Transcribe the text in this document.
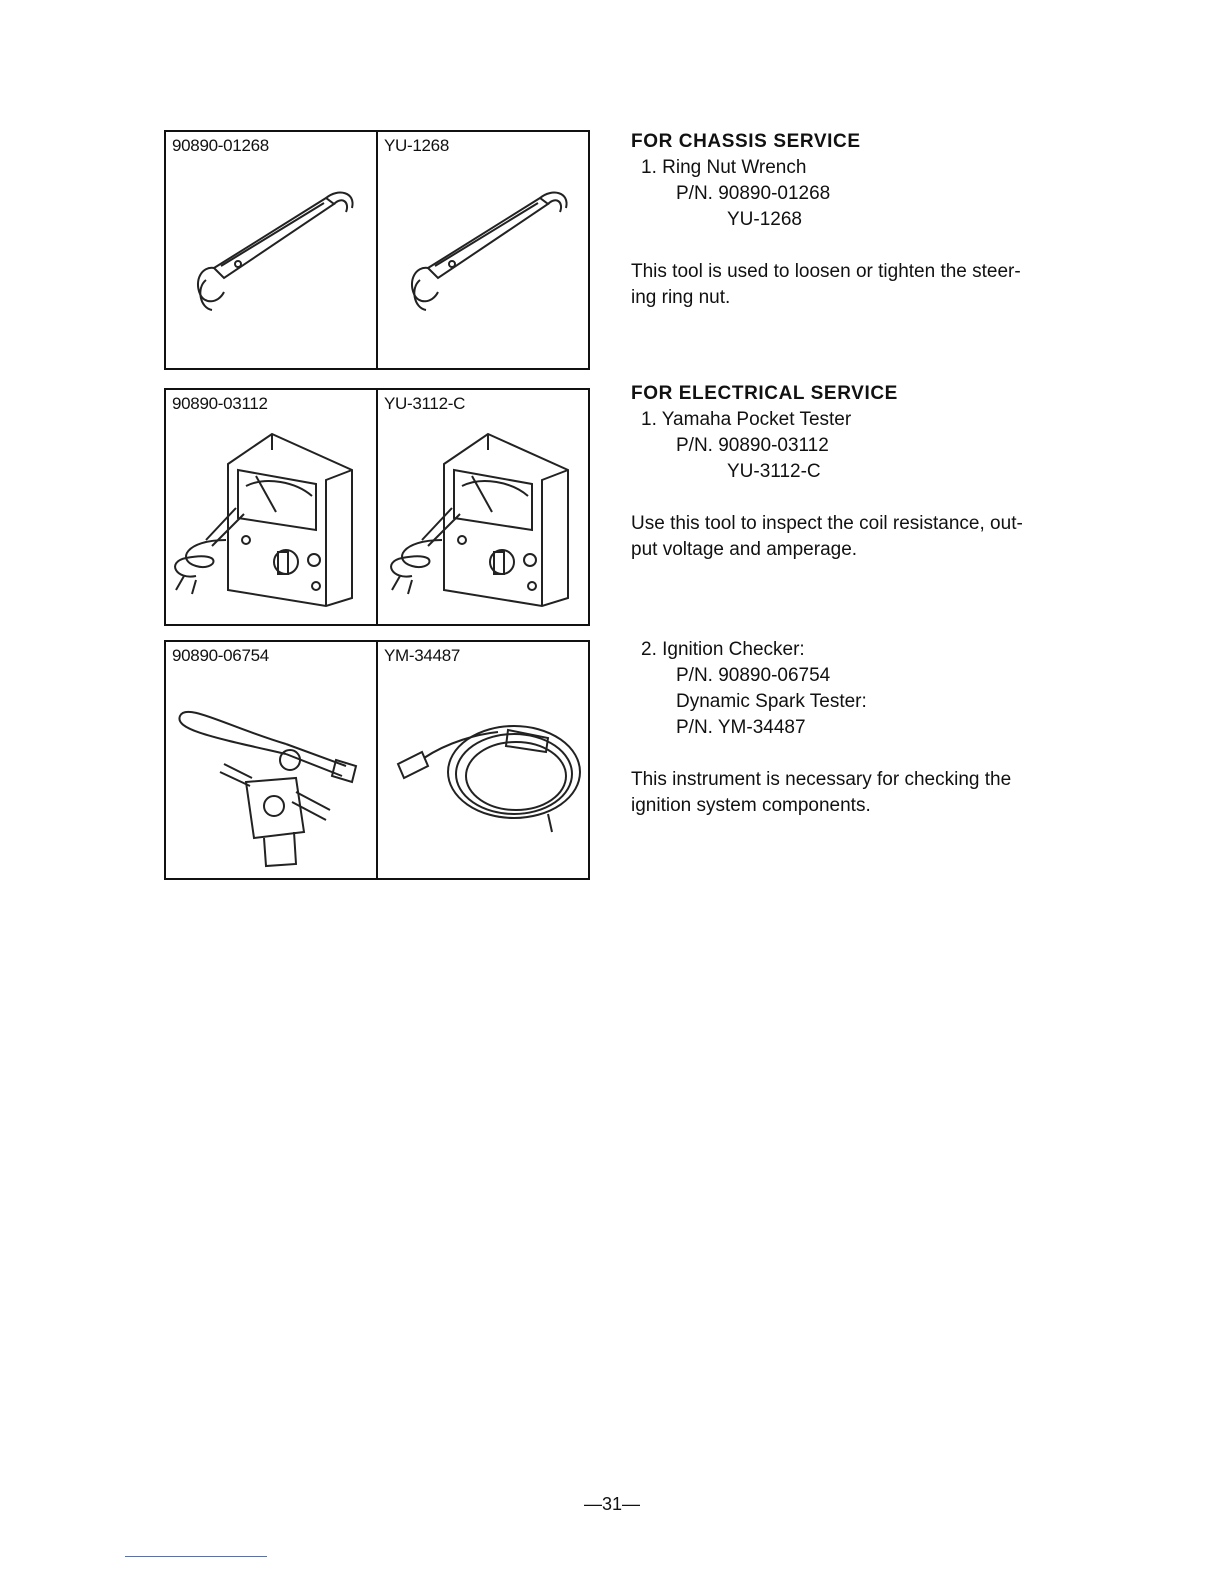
90890-01268	YU-1268
90890-03112	YU-3112-C
90890-06754	YM-34487
FOR CHASSIS SERVICE
1. Ring Nut Wrench
P/N. 90890-01268
YU-1268
This tool is used to loosen or tighten the steer-
ing ring nut.
FOR ELECTRICAL SERVICE
1. Yamaha Pocket Tester
P/N. 90890-03112
YU-3112-C
Use this tool to inspect the coil resistance, out-
put voltage and amperage.
2. Ignition Checker:
P/N. 90890-06754
Dynamic Spark Tester:
P/N. YM-34487
This instrument is necessary for checking the
ignition system components.
—31—
